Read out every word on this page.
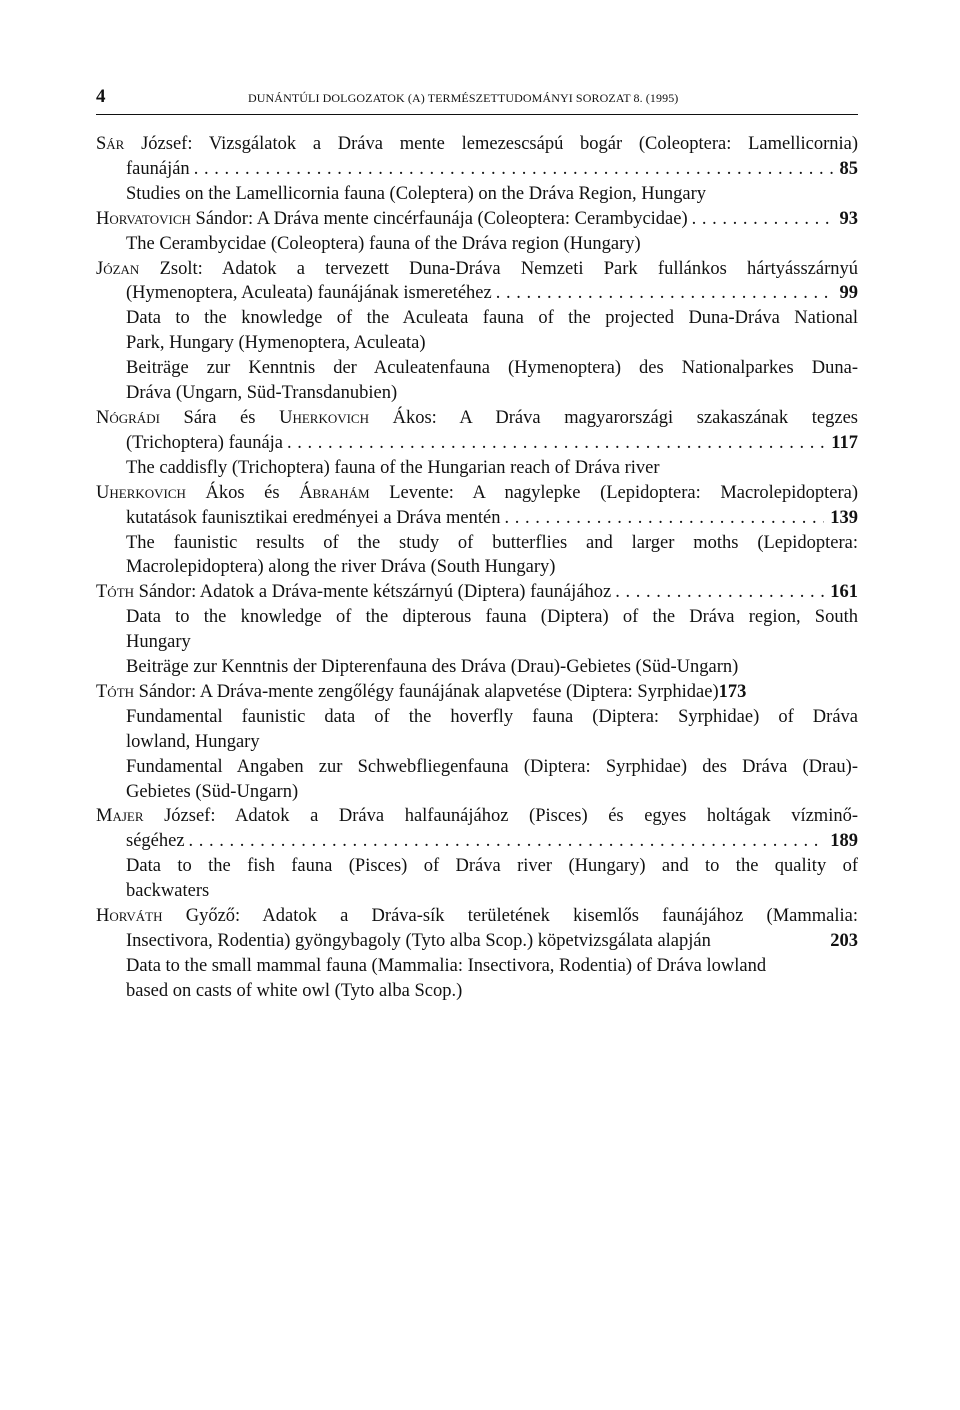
4	DUNÁNTÚLI DOLGOZATOK (A) TERMÉSZETTUDOMÁNYI SOROZAT 8. (1995)
Sár József: Vizsgálatok a Dráva mente lemezescsápú bogár (Coleoptera: Lamellicornia)
faunáján . . .	85
Studies on the Lamellicornia fauna (Coleptera) on the Dráva Region, Hungary
Horvatovich Sándor: A Dráva mente cincérfaunája (Coleoptera: Cerambycidae) . . .	93
The Cerambycidae (Coleoptera) fauna of the Dráva region (Hungary)
Józan Zsolt: Adatok a tervezett Duna-Dráva Nemzeti Park fullánkos hártyásszárnyú
(Hymenoptera, Aculeata) faunájának ismeretéhez . . .	99
Data to the knowledge of the Aculeata fauna of the projected Duna-Dráva National
Park, Hungary (Hymenoptera, Aculeata)
Beiträge zur Kenntnis der Aculeatenfauna (Hymenoptera) des Nationalparkes Duna-
Dráva (Ungarn, Süd-Transdanubien)
Nógrádi Sára és Uherkovich Ákos: A Dráva magyarországi szakaszának tegzes
(Trichoptera) faunája . . .	117
The caddisfly (Trichoptera) fauna of the Hungarian reach of Dráva river
Uherkovich Ákos és Ábrahám Levente: A nagylepke (Lepidoptera: Macrolepidoptera)
kutatások faunisztikai eredményei a Dráva mentén . . .	139
The faunistic results of the study of butterflies and larger moths (Lepidoptera:
Macrolepidoptera) along the river Dráva (South Hungary)
Tóth Sándor: Adatok a Dráva-mente kétszárnyú (Diptera) faunájához . . .	161
Data to the knowledge of the dipterous fauna (Diptera) of the Dráva region, South
Hungary
Beiträge zur Kenntnis der Dipterenfauna des Dráva (Drau)-Gebietes (Süd-Ungarn)
Tóth Sándor: A Dráva-mente zengőlégy faunájának alapvetése (Diptera: Syrphidae) 173
Fundamental faunistic data of the hoverfly fauna (Diptera: Syrphidae) of Dráva
lowland, Hungary
Fundamental Angaben zur Schwebfliegenfauna (Diptera: Syrphidae) des Dráva (Drau)-
Gebietes (Süd-Ungarn)
Majer József: Adatok a Dráva halfaunájához (Pisces) és egyes holtágak vízminő-
ségéhez . . .	189
Data to the fish fauna (Pisces) of Dráva river (Hungary) and to the quality of
backwaters
Horváth Győző: Adatok a Dráva-sík területének kisemlős faunájához (Mammalia:
Insectivora, Rodentia) gyöngybagoly (Tyto alba Scop.) köpetvizsgálata alapján	203
Data to the small mammal fauna (Mammalia: Insectivora, Rodentia) of Dráva lowland
based on casts of white owl (Tyto alba Scop.)
